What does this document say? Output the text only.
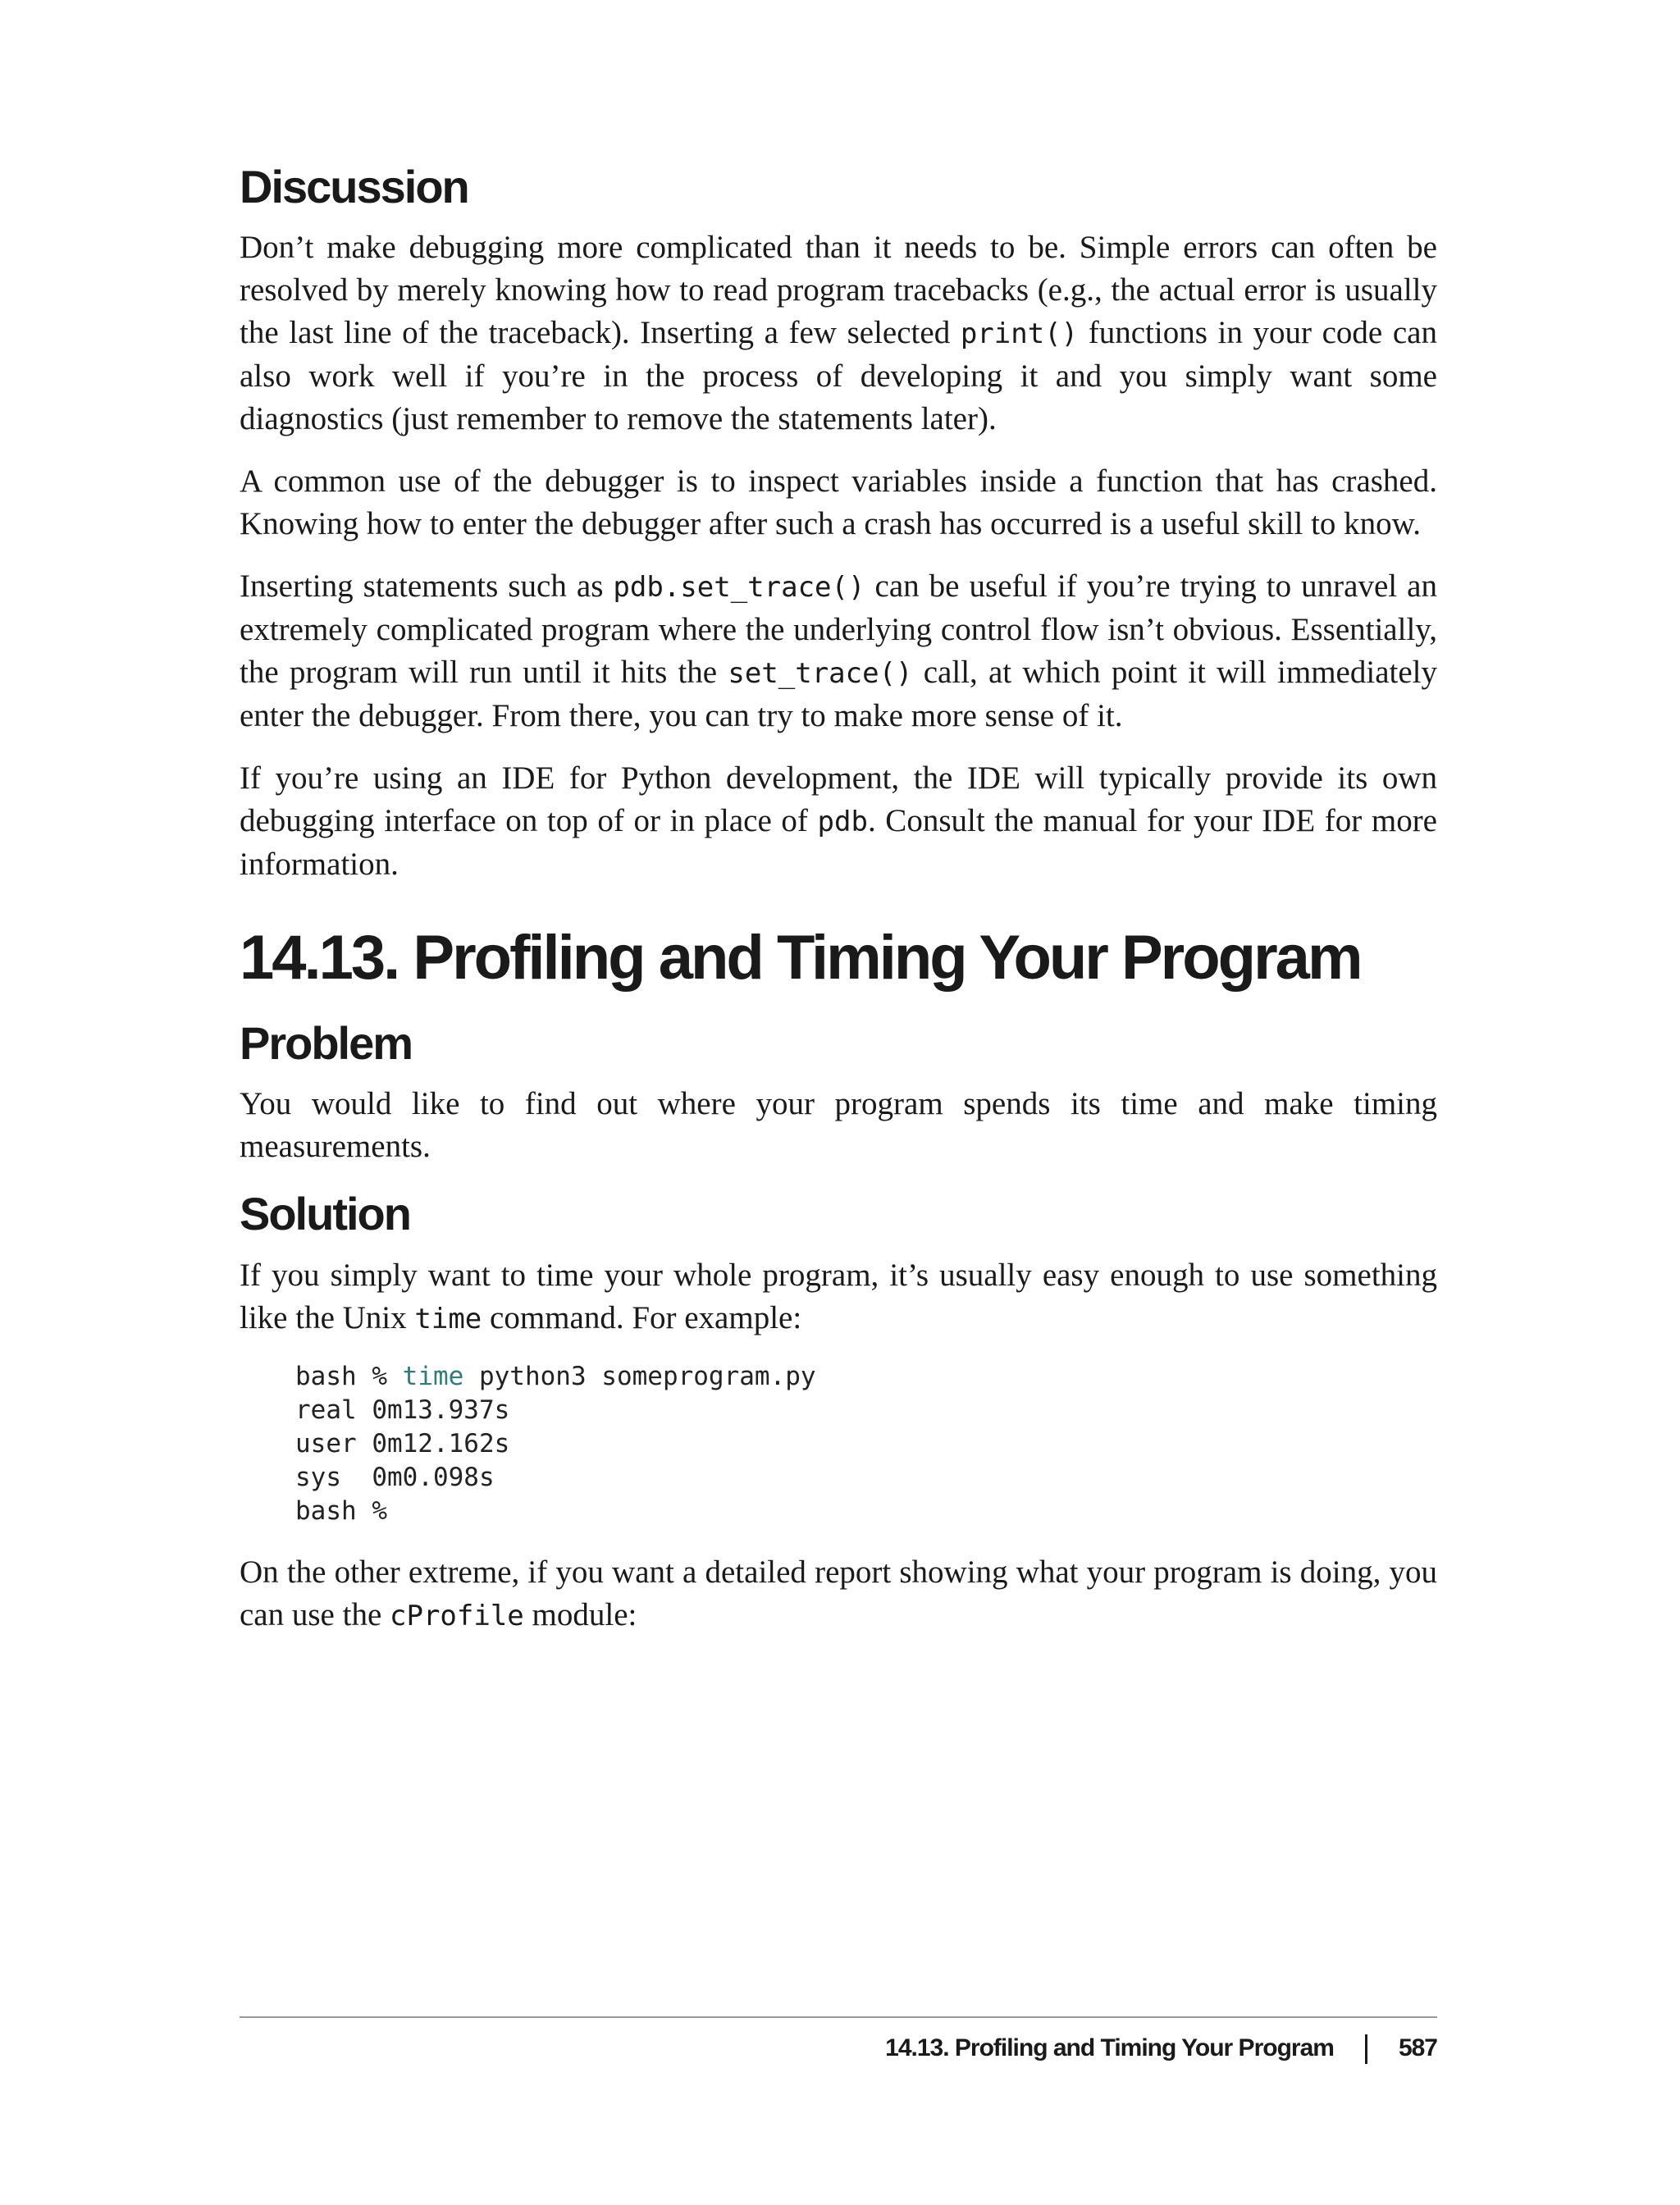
Discussion

Don’t make debugging more complicated than it needs to be. Simple errors can often be resolved by merely knowing how to read program tracebacks (e.g., the actual error is usually the last line of the traceback). Inserting a few selected print() functions in your code can also work well if you’re in the process of developing it and you simply want some diagnostics (just remember to remove the statements later).

A common use of the debugger is to inspect variables inside a function that has crashed. Knowing how to enter the debugger after such a crash has occurred is a useful skill to know.

Inserting statements such as pdb.set_trace() can be useful if you’re trying to unravel an extremely complicated program where the underlying control flow isn’t obvious. Essentially, the program will run until it hits the set_trace() call, at which point it will immediately enter the debugger. From there, you can try to make more sense of it.

If you’re using an IDE for Python development, the IDE will typically provide its own debugging interface on top of or in place of pdb. Consult the manual for your IDE for more information.

14.13. Profiling and Timing Your Program
Problem

You would like to find out where your program spends its time and make timing measurements.

Solution

If you simply want to time your whole program, it’s usually easy enough to use something like the Unix time command. For example:

bash % time python3 someprogram.py
real 0m13.937s
user 0m12.162s
sys  0m0.098s
bash %

On the other extreme, if you want a detailed report showing what your program is doing, you can use the cProfile module:

14.13. Profiling and Timing Your Program	587
